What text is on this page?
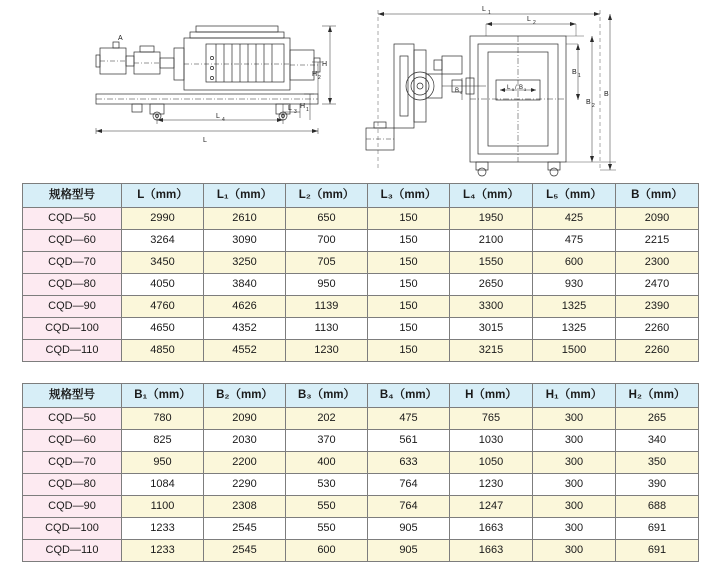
A
H
H 2
H 1
L
L 4
L 3
L 1
L 2
L 5 / B 3
B 1
B 2
B
B 4
规格型号	L（mm）	L₁（mm）	L₂（mm）	L₃（mm）	L₄（mm）	L₅（mm）	B（mm）
CQD—50	2990	2610	650	150	1950	425	2090
CQD—60	3264	3090	700	150	2100	475	2215
CQD—70	3450	3250	705	150	1550	600	2300
CQD—80	4050	3840	950	150	2650	930	2470
CQD—90	4760	4626	1139	150	3300	1325	2390
CQD—100	4650	4352	1130	150	3015	1325	2260
CQD—110	4850	4552	1230	150	3215	1500	2260
规格型号	B₁（mm）	B₂（mm）	B₃（mm）	B₄（mm）	H（mm）	H₁（mm）	H₂（mm）
CQD—50	780	2090	202	475	765	300	265
CQD—60	825	2030	370	561	1030	300	340
CQD—70	950	2200	400	633	1050	300	350
CQD—80	1084	2290	530	764	1230	300	390
CQD—90	1100	2308	550	764	1247	300	688
CQD—100	1233	2545	550	905	1663	300	691
CQD—110	1233	2545	600	905	1663	300	691
